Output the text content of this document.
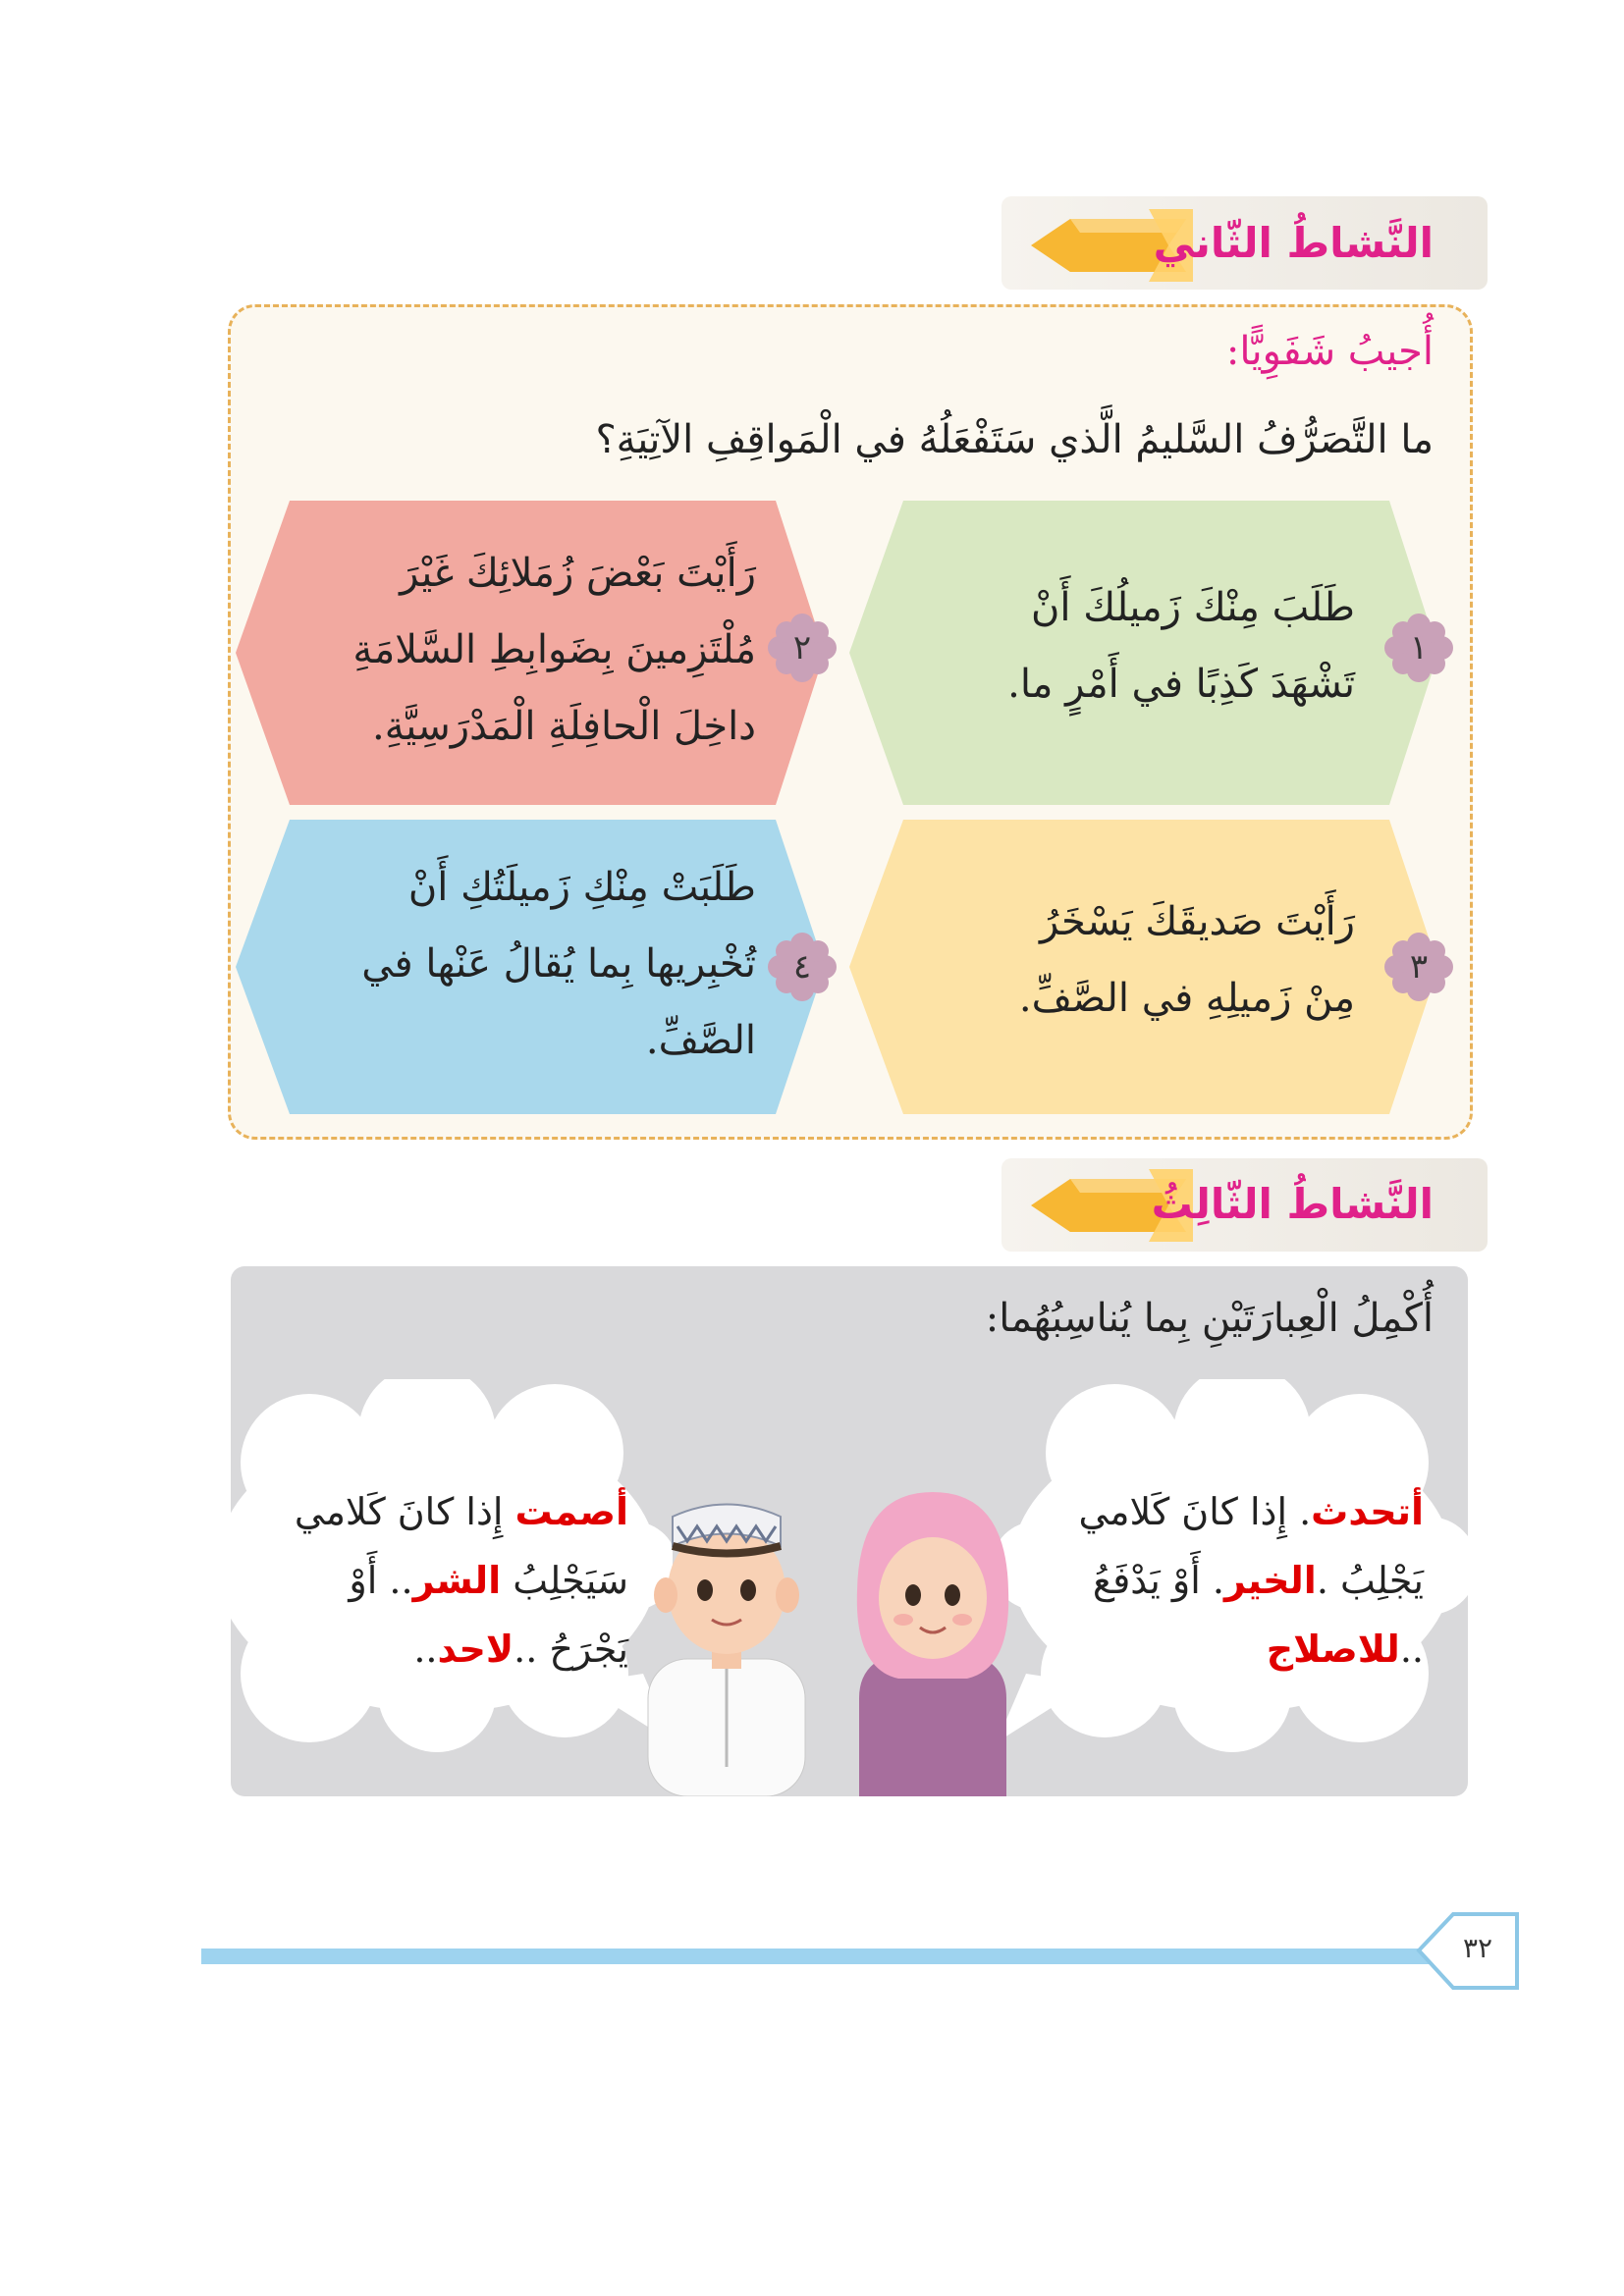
النَّشاطُ الثّاني
أُجيبُ شَفَوِيًّا:
ما التَّصَرُّفُ السَّليمُ الَّذي سَتَفْعَلُهُ في الْمَواقِفِ الآتِيَةِ؟
طَلَبَ مِنْكَ زَميلُكَ أَنْ
تَشْهَدَ كَذِبًا في أَمْرٍ ما.
١
رَأَيْتَ بَعْضَ زُمَلائِكَ غَيْرَ
مُلْتَزِمينَ بِضَوابِطِ السَّلامَةِ
داخِلَ الْحافِلَةِ الْمَدْرَسِيَّةِ.
٢
رَأَيْتَ صَديقَكَ يَسْخَرُ
مِنْ زَميلِهِ في الصَّفِّ.
٣
طَلَبَتْ مِنْكِ زَميلَتُكِ أَنْ
تُخْبِريها بِما يُقالُ عَنْها في
الصَّفِّ.
٤
النَّشاطُ الثّالِثُ
أُكْمِلُ الْعِبارَتَيْنِ بِما يُناسِبُهُما:
أتحدث. إِذا كانَ كَلامي
يَجْلِبُ .الخير. أَوْ يَدْفَعُ
..للاصلاج
أصمت إِذا كانَ كَلامي
سَيَجْلِبُ الشر.. أَوْ
يَجْرَحُ ..لاحد..
٣٢
